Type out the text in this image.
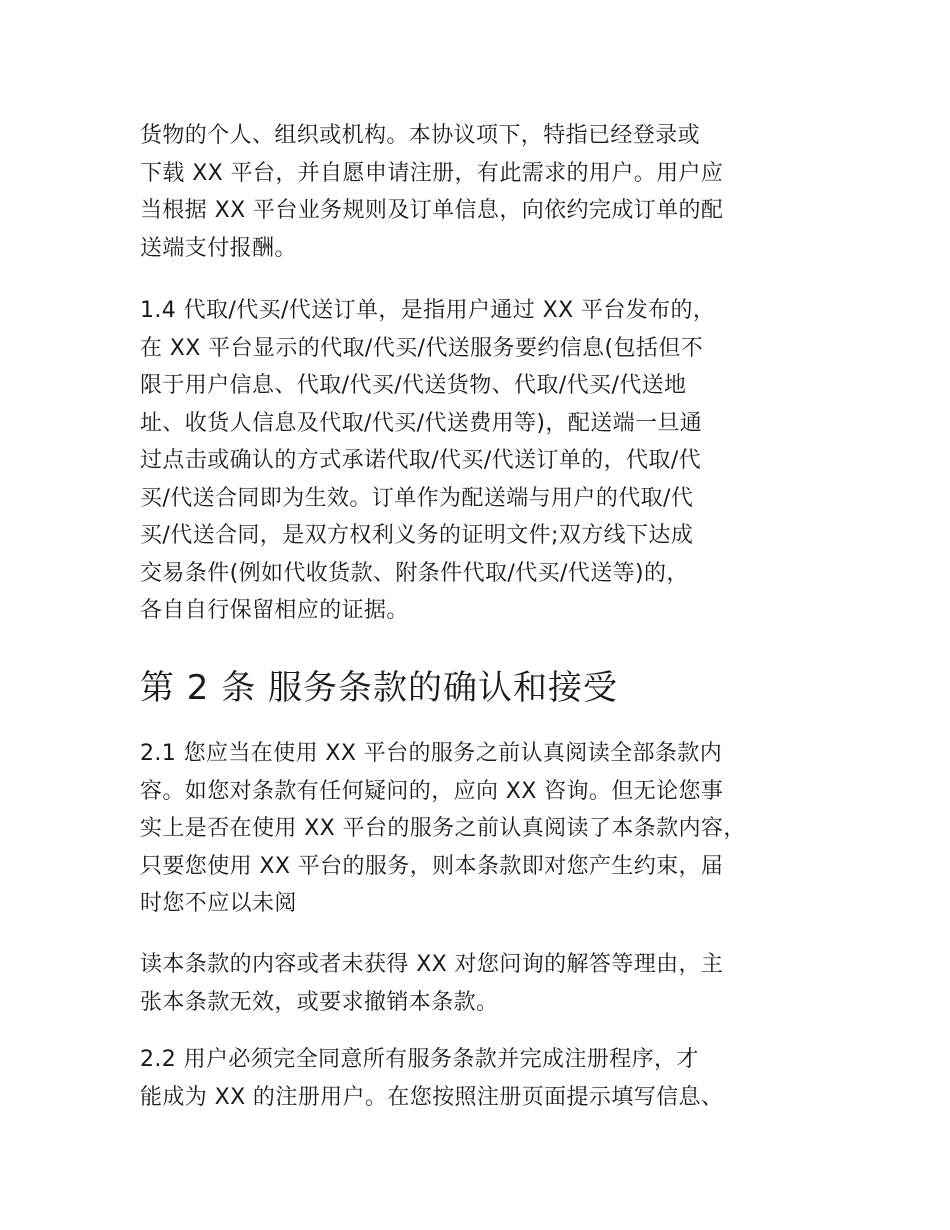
货物的个人、组织或机构。本协议项下，特指已经登录或
下载 XX 平台，并自愿申请注册，有此需求的用户。用户应
当根据 XX 平台业务规则及订单信息，向依约完成订单的配
送端支付报酬。

1.4 代取/代买/代送订单，是指用户通过 XX 平台发布的，
在 XX 平台显示的代取/代买/代送服务要约信息(包括但不
限于用户信息、代取/代买/代送货物、代取/代买/代送地
址、收货人信息及代取/代买/代送费用等)，配送端一旦通
过点击或确认的方式承诺代取/代买/代送订单的，代取/代
买/代送合同即为生效。订单作为配送端与用户的代取/代
买/代送合同，是双方权利义务的证明文件;双方线下达成
交易条件(例如代收货款、附条件代取/代买/代送等)的，
各自自行保留相应的证据。

第 2 条 服务条款的确认和接受

2.1 您应当在使用 XX 平台的服务之前认真阅读全部条款内
容。如您对条款有任何疑问的，应向 XX 咨询。但无论您事
实上是否在使用 XX 平台的服务之前认真阅读了本条款内容，
只要您使用 XX 平台的服务，则本条款即对您产生约束，届
时您不应以未阅

读本条款的内容或者未获得 XX 对您问询的解答等理由，主
张本条款无效，或要求撤销本条款。

2.2 用户必须完全同意所有服务条款并完成注册程序，才
能成为 XX 的注册用户。在您按照注册页面提示填写信息、
